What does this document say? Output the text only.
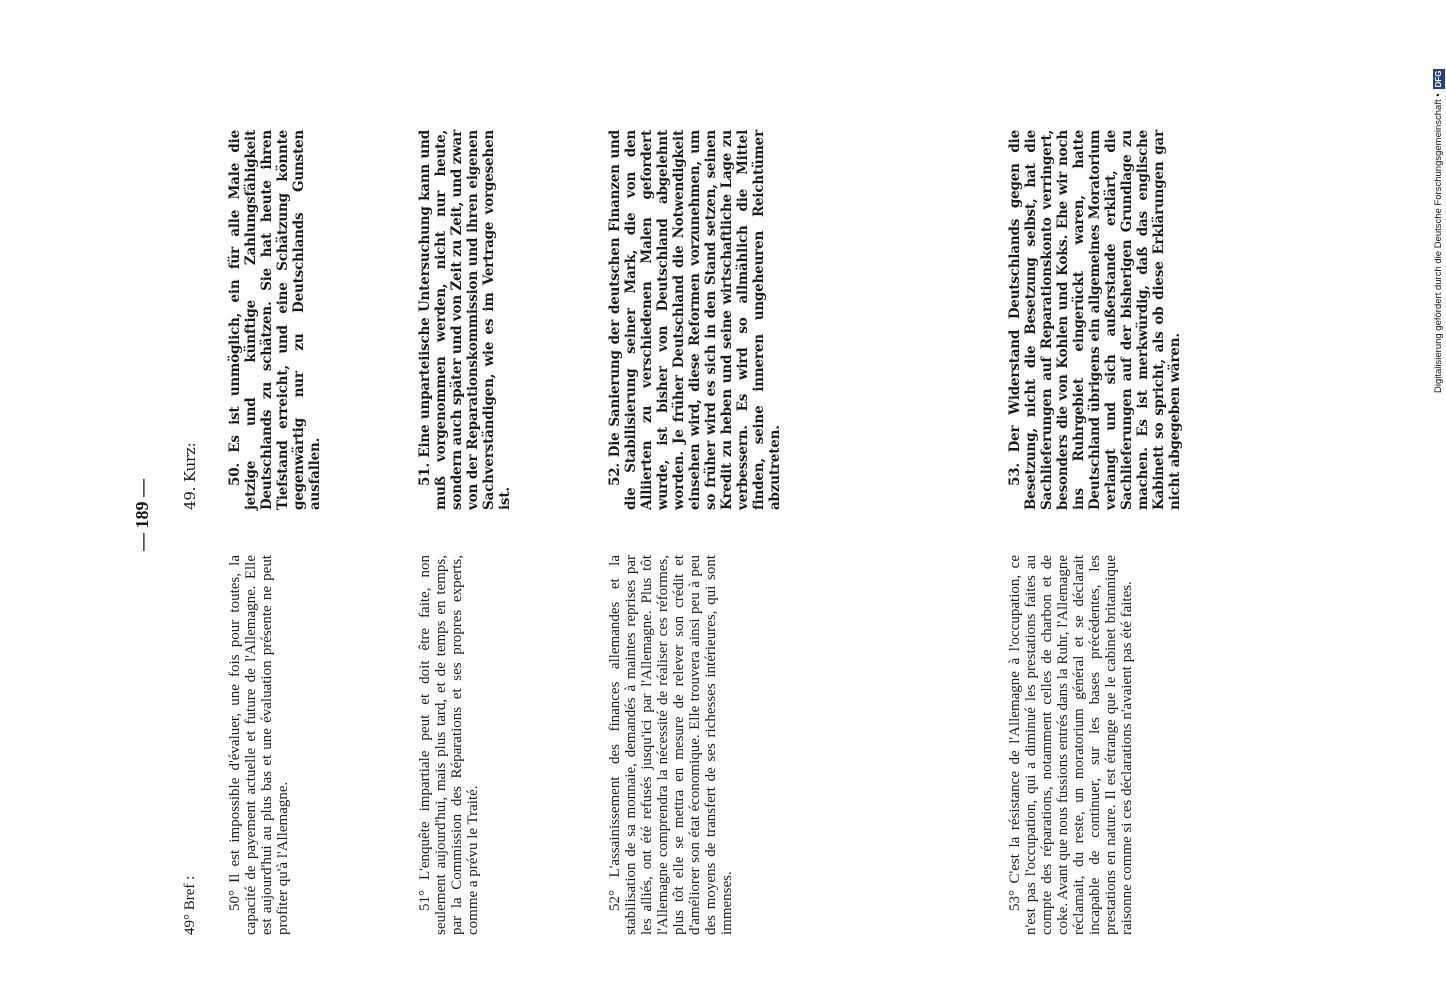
— 189 —
49° Bref : 50° Il est impossible d'évaluer, une fois pour toutes, la capacité de payement actuelle et future de l'Allemagne. Elle est aujourd'hui au plus bas et une évaluation présente ne peut profiter qu'à l'Allemagne.	51° L'enquête impartiale peut et doit être faite, non seulement aujourd'hui, mais plus tard, et de temps en temps, par la Commission des Réparations et ses propres experts, comme a prévu le Traité.	52° L'assainissement des finances allemandes et la stabilisation de sa monnaie, demandés à maintes reprises par les alliés, ont été refusés jusqu'ici par l'Allemagne. Plus tôt l'Allemagne comprendra la nécessité de réaliser ces réformes, plus tôt elle se mettra en mesure de relever son crédit et d'améliorer son état économique. Elle trouvera ainsi peu à peu des moyens de transfert de ses richesses intérieures, qui sont immenses.	53° C'est la résistance de l'Allemagne à l'occupation, ce n'est pas l'occupation, qui a diminué les prestations faites au compte des réparations, notamment celles de charbon et de coke. Avant que nous fussions entrés dans la Ruhr, l'Allemagne réclamait, du reste, un moratorium général et se déclarait incapable de continuer, sur les bases précédentes, les prestations en nature. Il est étrange que le cabinet britannique raisonne comme si ces déclarations n'avaient pas été faites.

49. Kurz: 50. Es ist unmöglich, ein für alle Male die jetzige und künftige Zahlungsfähigkeit Deutschlands zu schätzen. Sie hat heute ihren Tiefstand erreicht, und eine Schätzung könnte gegenwärtig nur zu Deutschlands Gunsten ausfallen.	51. Eine unparteiische Untersuchung kann und muß vorgenommen werden, nicht nur heute, sondern auch später und von Zeit zu Zeit, und zwar von der Reparationskommission und ihren eigenen Sachverständigen, wie es im Vertrage vorgesehen ist.

52. Die Sanierung der deutschen Finanzen und die Stabilisierung seiner Mark, die von den Alliierten zu verschiedenen Malen gefordert wurde, ist bisher von Deutschland abgelehnt worden. Je früher Deutschland die Notwendigkeit einsehen wird, diese Reformen vorzunehmen, um so früher wird es sich in den Stand setzen, seinen Kredit zu heben und seine wirtschaftliche Lage zu verbessern. Es wird so allmählich die Mittel finden, seine inneren ungeheuren Reichtümer abzutreten.	53. Der Widerstand Deutschlands gegen die Besetzung, nicht die Besetzung selbst, hat die Sachlieferungen auf Reparationskonto verringert, besonders die von Kohlen und Koks. Ehe wir noch ins Ruhrgebiet eingerückt waren, hatte Deutschland übrigens ein allgemeines Moratorium verlangt und sich außerstande erklärt, die Sachlieferungen auf der bisherigen Grundlage zu machen. Es ist merkwürdig, daß das englische Kabinett so spricht, als ob diese Erklärungen gar nicht abgegeben wären.

Digitalisierung gefördert durch die Deutsche Forschungsgemeinschaft •
DFG
